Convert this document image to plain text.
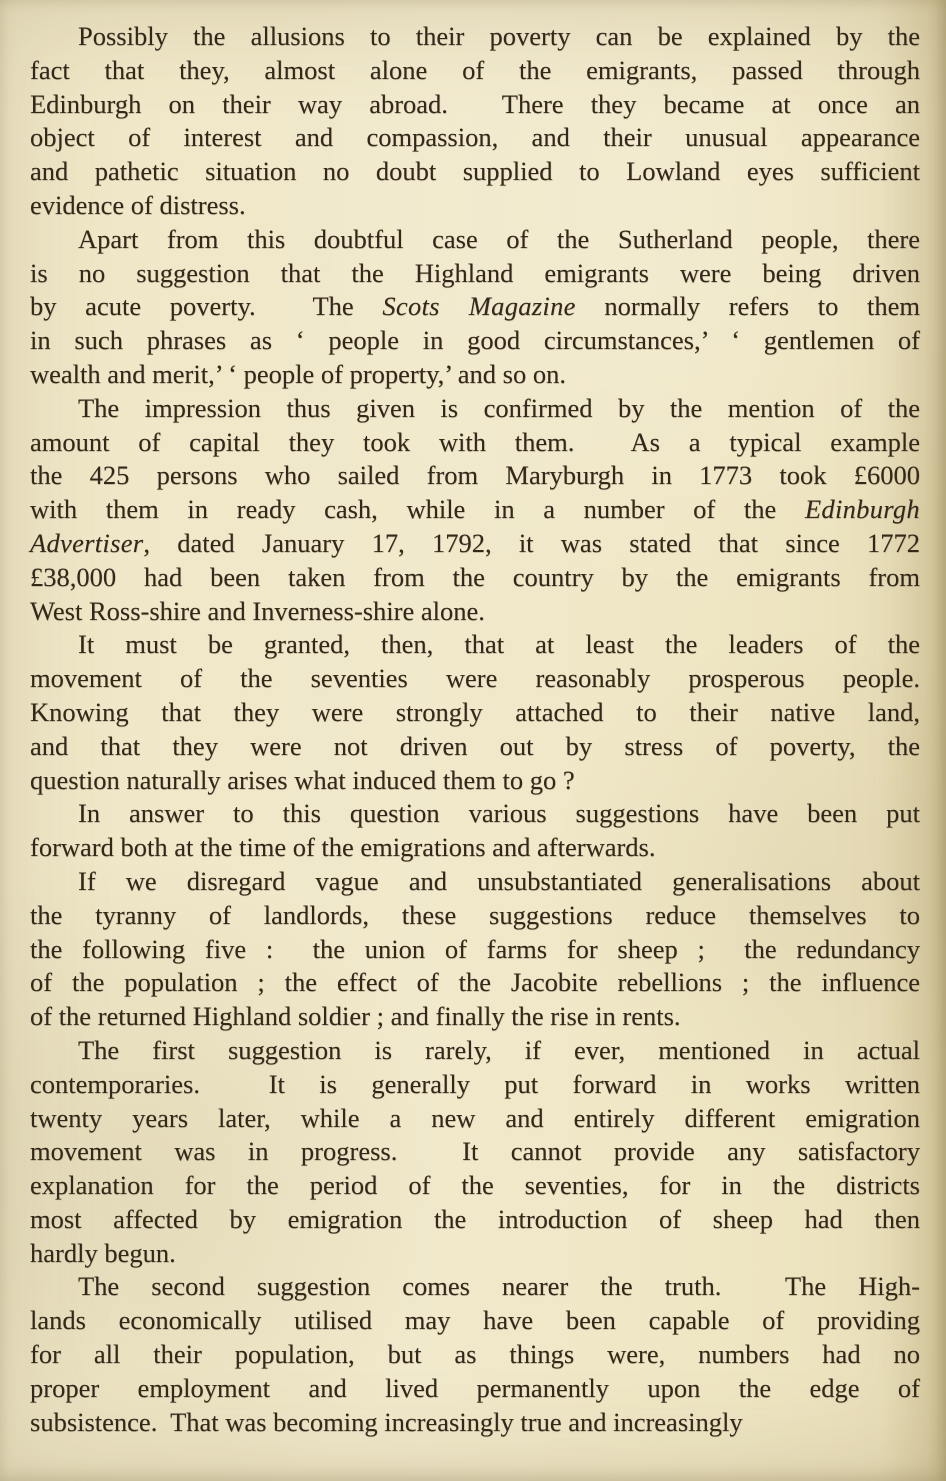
Possibly the allusions to their poverty can be explained by the
fact that they, almost alone of the emigrants, passed through
Edinburgh on their way abroad.  There they became at once an
object of interest and compassion, and their unusual appearance
and pathetic situation no doubt supplied to Lowland eyes sufficient
evidence of distress.
Apart from this doubtful case of the Sutherland people, there
is no suggestion that the Highland emigrants were being driven
by acute poverty.  The Scots Magazine normally refers to them
in such phrases as ‘ people in good circumstances,’ ‘ gentlemen of
wealth and merit,’ ‘ people of property,’ and so on.
The impression thus given is confirmed by the mention of the
amount of capital they took with them.  As a typical example
the 425 persons who sailed from Maryburgh in 1773 took £6000
with them in ready cash, while in a number of the Edinburgh
Advertiser, dated January 17, 1792, it was stated that since 1772
£38,000 had been taken from the country by the emigrants from
West Ross-shire and Inverness-shire alone.
It must be granted, then, that at least the leaders of the
movement of the seventies were reasonably prosperous people.
Knowing that they were strongly attached to their native land,
and that they were not driven out by stress of poverty, the
question naturally arises what induced them to go ?
In answer to this question various suggestions have been put
forward both at the time of the emigrations and afterwards.
If we disregard vague and unsubstantiated generalisations about
the tyranny of landlords, these suggestions reduce themselves to
the following five :  the union of farms for sheep ;  the redundancy
of the population ; the effect of the Jacobite rebellions ; the influence
of the returned Highland soldier ; and finally the rise in rents.
The first suggestion is rarely, if ever, mentioned in actual
contemporaries.  It is generally put forward in works written
twenty years later, while a new and entirely different emigration
movement was in progress.  It cannot provide any satisfactory
explanation for the period of the seventies, for in the districts
most affected by emigration the introduction of sheep had then
hardly begun.
The second suggestion comes nearer the truth.  The High-
lands economically utilised may have been capable of providing
for all their population, but as things were, numbers had no
proper employment and lived permanently upon the edge of
subsistence.  That was becoming increasingly true and increasingly
